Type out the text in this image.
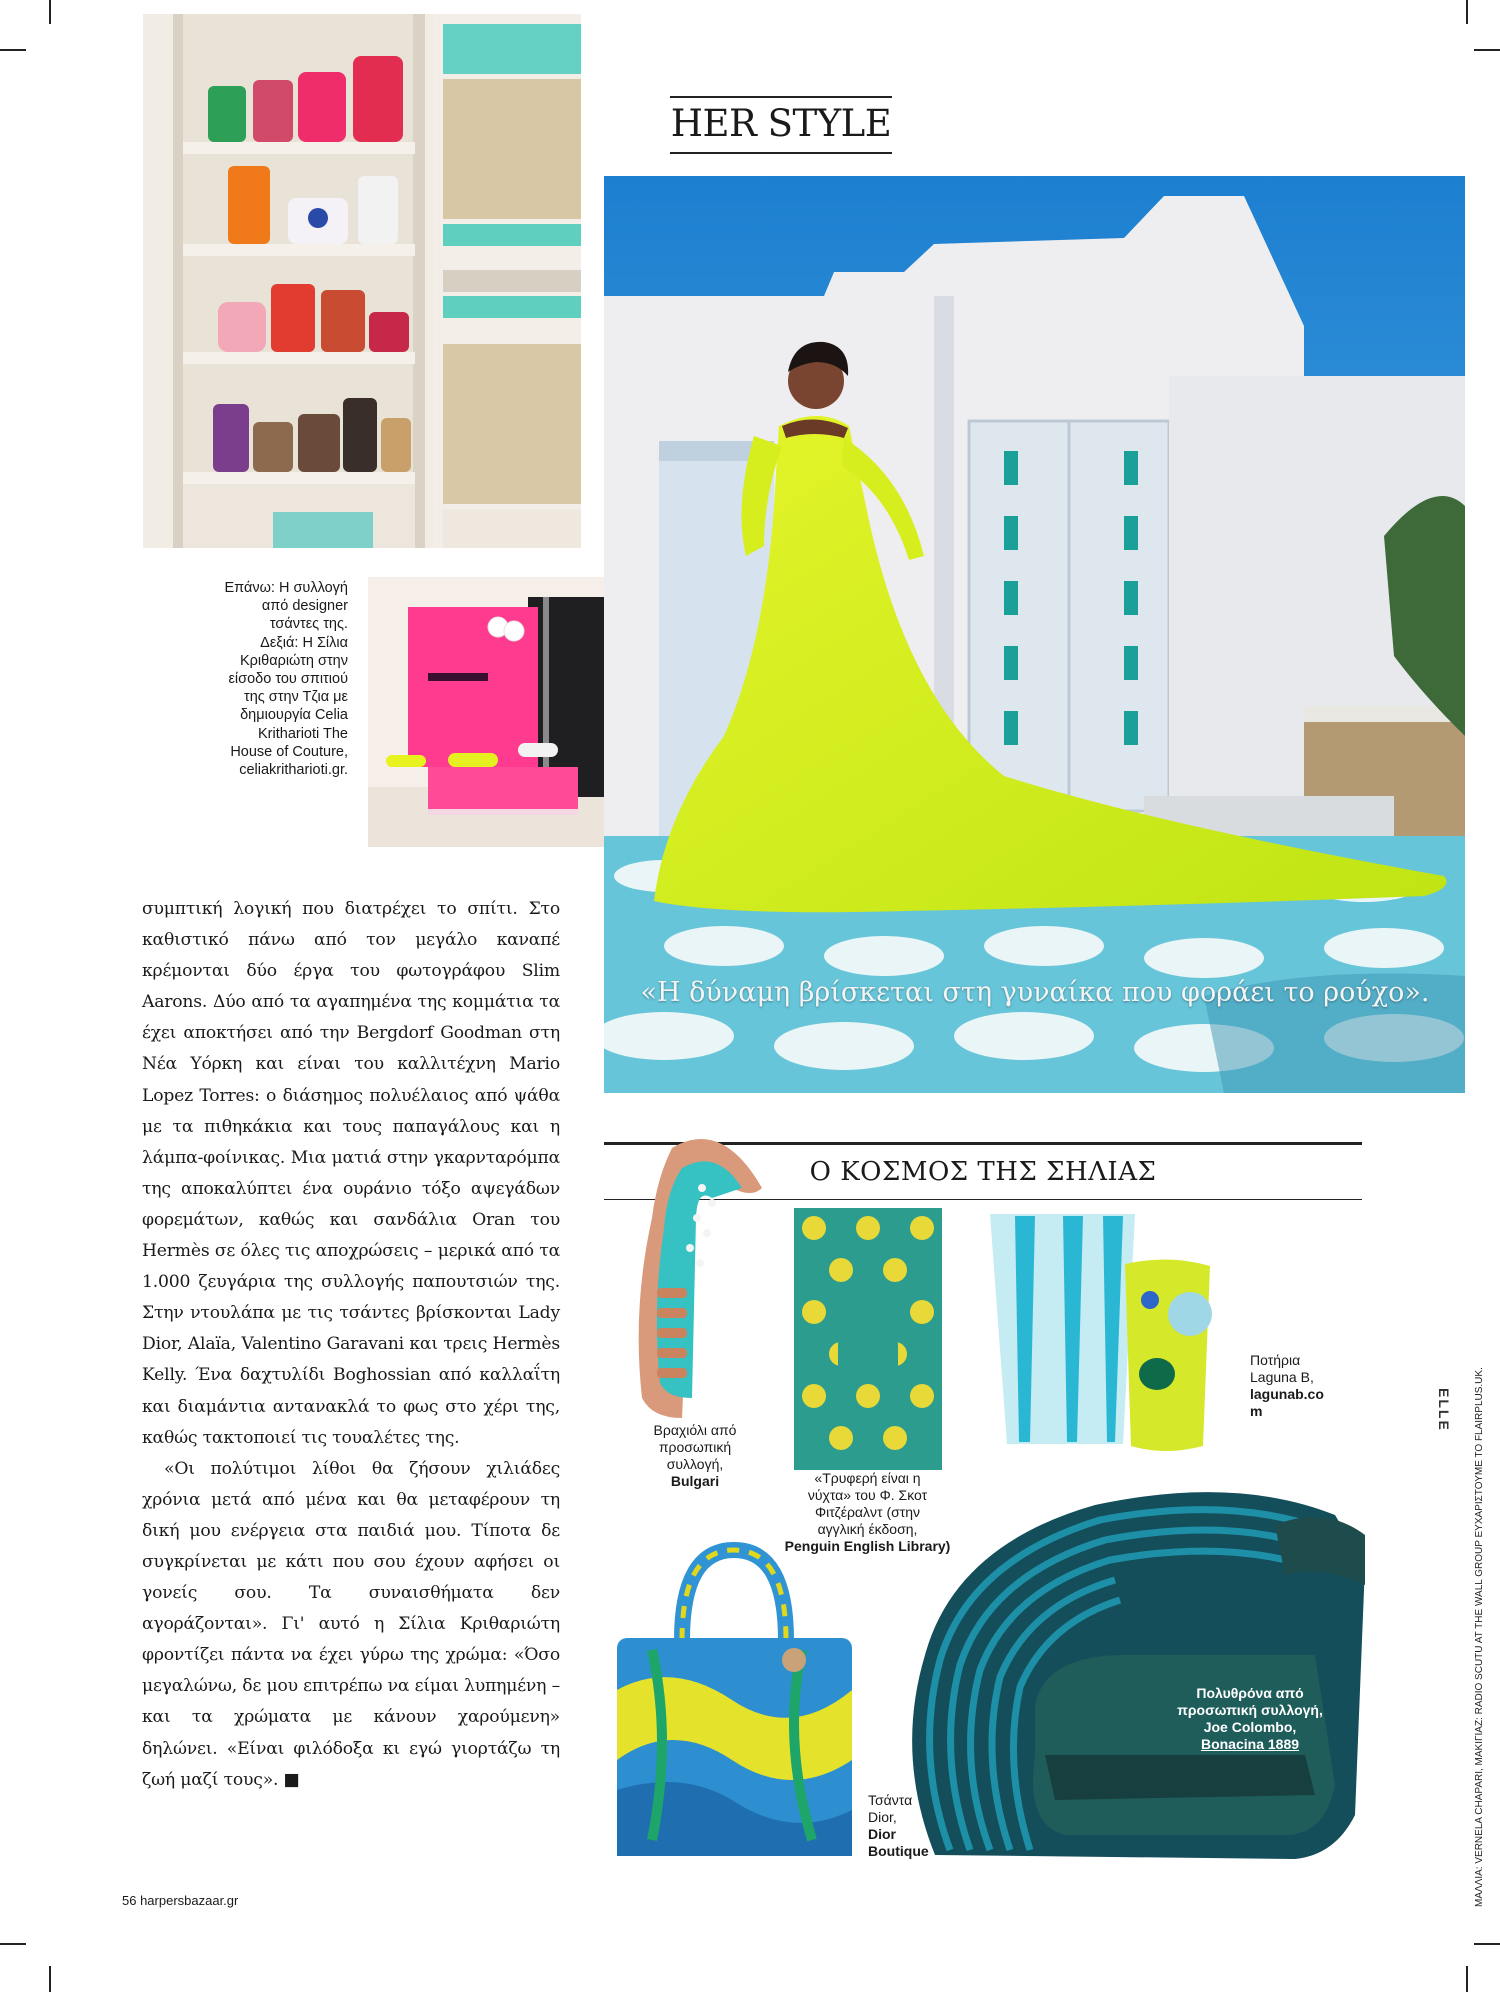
Επάνω: Η συλλογή
από designer
τσάντες της.
Δεξιά: Η Σίλια
Κριθαριώτη στην
είσοδο του σπιτιού
της στην Τζια με
δημιουργία Celia
Kritharioti The
House of Couture,
celiakritharioti.gr.
HER STYLE
«Η δύναμη βρίσκεται στη γυναίκα που φοράει το ρούχο».

συμπτική λογική που διατρέχει το σπίτι. Στο καθιστικό πάνω από τον μεγάλο καναπέ κρέμονται δύο έργα του φωτογράφου Slim Aarons. Δύο από τα αγαπημένα της κομμάτια τα έχει αποκτήσει από την Bergdorf Goodman στη Νέα Υόρκη και είναι του καλλιτέχνη Mario Lopez Torres: ο διάσημος πολυέλαιος από ψάθα με τα πιθηκάκια και τους παπαγάλους και η λάμπα-φοίνικας. Μια ματιά στην γκαρνταρόμπα της αποκαλύπτει ένα ουράνιο τόξο αψεγάδων φορεμάτων, καθώς και σανδάλια Oran του Hermès σε όλες τις αποχρώσεις – μερικά από τα 1.000 ζευγάρια της συλλογής παπουτσιών της. Στην ντουλάπα με τις τσάντες βρίσκονται Lady Dior, Alaïa, Valentino Garavani και τρεις Hermès Kelly. Ένα δαχτυλίδι Boghossian από καλλαΐτη και διαμάντια αντανακλά το φως στο χέρι της, καθώς τακτοποιεί τις τουαλέτες της.

«Οι πολύτιμοι λίθοι θα ζήσουν χιλιάδες χρόνια μετά από μένα και θα μεταφέρουν τη δική μου ενέργεια στα παιδιά μου. Τίποτα δε συγκρίνεται με κάτι που σου έχουν αφήσει οι γονείς σου. Τα συναισθήματα δεν αγοράζονται». Γι' αυτό η Σίλια Κριθαριώτη φροντίζει πάντα να έχει γύρω της χρώμα: «Όσο μεγαλώνω, δε μου επιτρέπω να είμαι λυπημένη – και τα χρώματα με κάνουν χαρούμενη» δηλώνει. «Είναι φιλόδοξα κι εγώ γιορτάζω τη ζωή μαζί τους». ■

Ο ΚΟΣΜΟΣ ΤΗΣ ΣΗΛΙΑΣ
Βραχιόλι από
προσωπική
συλλογή,
Bulgari	«Τρυφερή είναι η
νύχτα» του Φ. Σκοτ
Φιτζέραλντ (στην
αγγλική έκδοση,
Penguin English Library)
Ποτήρια
Laguna B,
lagunab.com
Τσάντα
Dior,
Dior Boutique
Πολυθρόνα από
προσωπική συλλογή,
Joe Colombo,
Bonacina 1889	ΜΑΛΛΙΑ: VERNELA CHAPARI, ΜΑΚΙΓΙΑΖ: RADIO SCUTU AT THE WALL GROUP ΕΥΧΑΡΙΣΤΟΥΜΕ ΤΟ FLAIRPLUS.UK.
ELLE
56 harpersbazaar.gr
